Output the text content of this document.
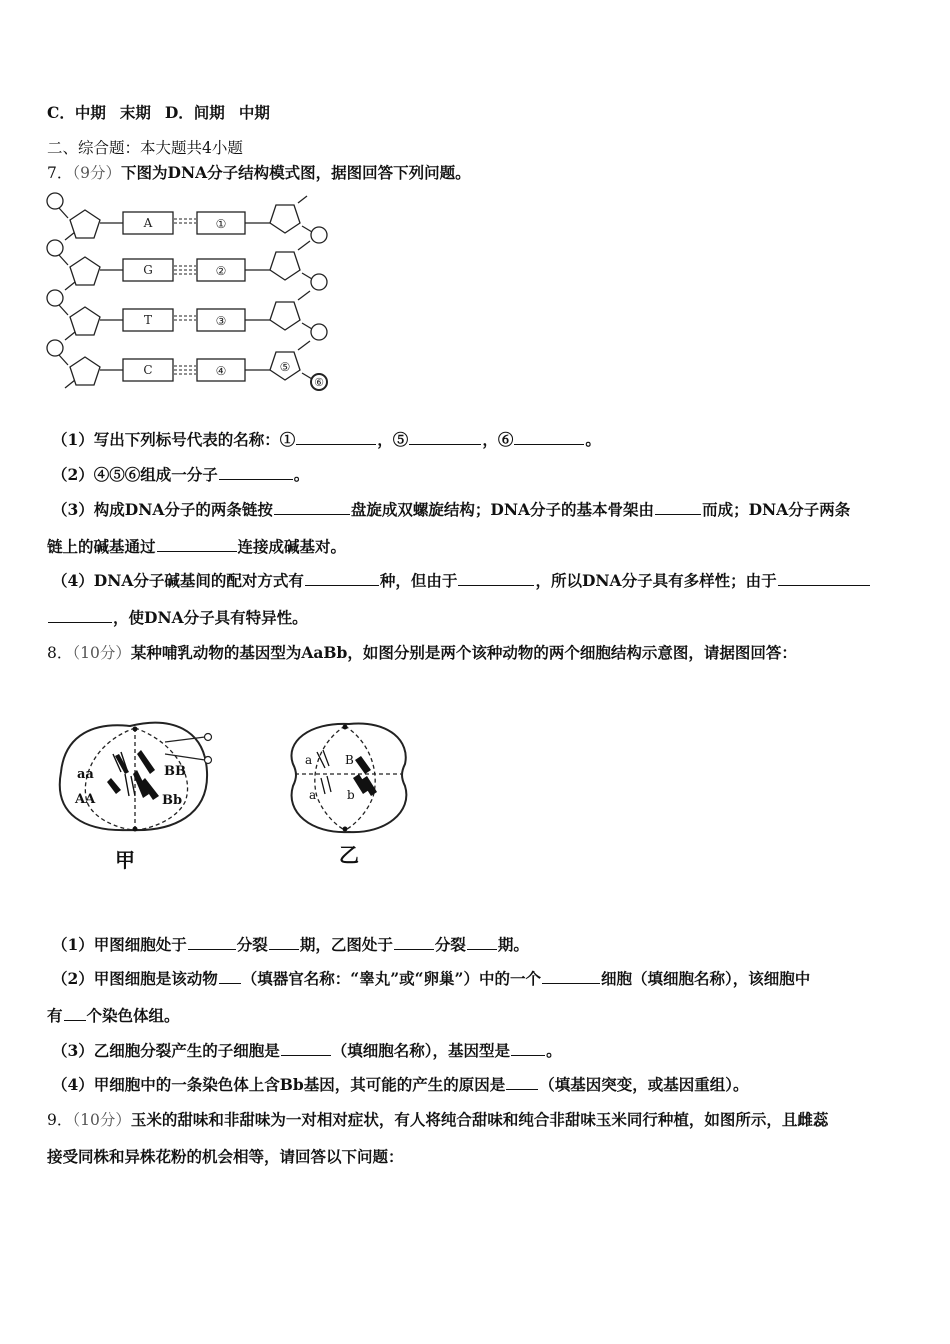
C．中期 末期 D．间期 中期
二、综合题：本大题共4小题
7．（9分）下图为DNA分子结构模式图，据图回答下列问题。
A
G
T
C
①
②
③
④	⑤
⑥
（1）写出下列标号代表的名称：①	，⑤	，⑥	。
（2）④⑤⑥组成一分子	。
（3）构成DNA分子的两条链按	盘旋成双螺旋结构；DNA分子的基本骨架由	而成；DNA分子两条
链上的碱基通过	连接成碱基对。
（4）DNA分子碱基间的配对方式有	种，但由于	，所以DNA分子具有多样性；由于
，使DNA分子具有特异性。
8．（10分）某种哺乳动物的基因型为AaBb，如图分别是两个该种动物的两个细胞结构示意图，请据图回答：
aa
AA
BB
Bb
甲
a	B
a	b
乙
（1）甲图细胞处于	分裂 期，乙图处于	分裂 期。
（2）甲图细胞是该动物 （填器官名称：“睾丸”或“卵巢”）中的一个	细胞（填细胞名称），该细胞中
有 个染色体组。
（3）乙细胞分裂产生的子细胞是	（填细胞名称），基因型是 。
（4）甲细胞中的一条染色体上含Bb基因，其可能的产生的原因是 （填基因突变，或基因重组）。
9．（10分）玉米的甜味和非甜味为一对相对症状，有人将纯合甜味和纯合非甜味玉米同行种植，如图所示，且雌蕊
接受同株和异株花粉的机会相等，请回答以下问题：
